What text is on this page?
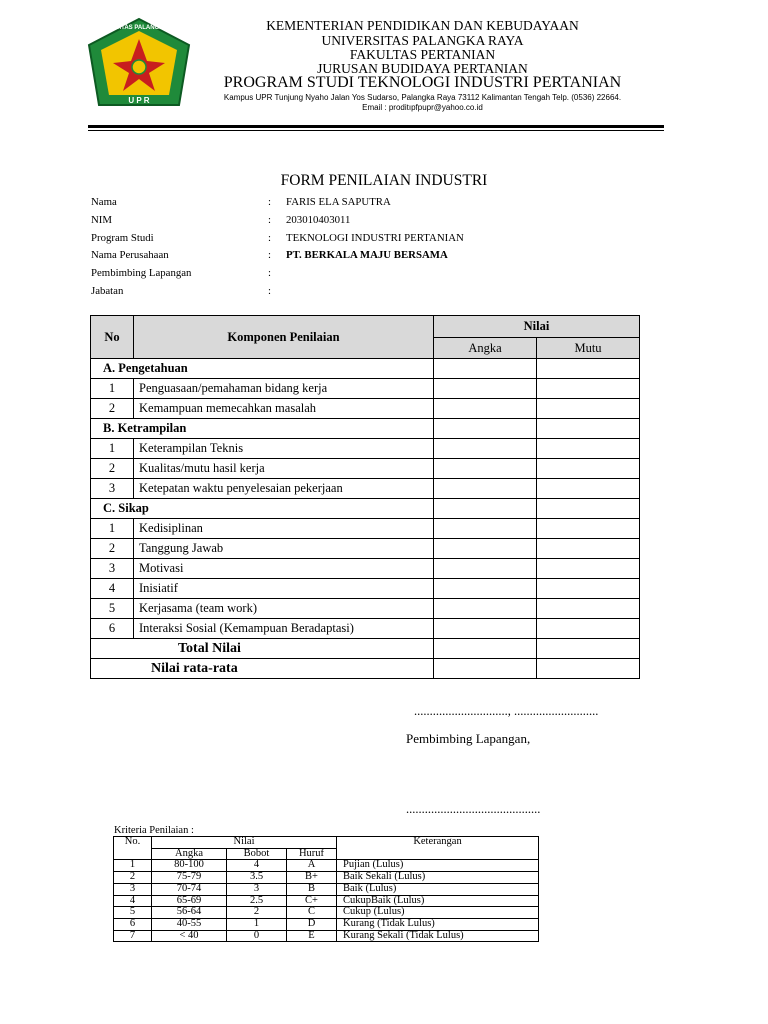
UNIVERSITAS PALANGKA RAYA
U P R
KEMENTERIAN PENDIDIKAN DAN KEBUDAYAAN
UNIVERSITAS PALANGKA RAYA
FAKULTAS PERTANIAN
JURUSAN BUDIDAYA PERTANIAN
PROGRAM STUDI TEKNOLOGI INDUSTRI PERTANIAN
Kampus UPR Tunjung Nyaho Jalan Yos Sudarso, Palangka Raya 73112 Kalimantan Tengah Telp. (0536) 22664.
Email : proditıpfpupr@yahoo.co.id
FORM PENILAIAN INDUSTRI
Nama	: FARIS ELA SAPUTRA
NIM	: 203010403011
Program Studi	: TEKNOLOGI INDUSTRI PERTANIAN
Nama Perusahaan	: PT. BERKALA MAJU BERSAMA
Pembimbing Lapangan	:
Jabatan	:
No	Komponen Penilaian	Nilai	
		Angka	Mutu
A. Pengetahuan			
1	Penguasaan/pemahaman bidang kerja		
2	Kemampuan memecahkan masalah		
B. Ketrampilan			
1	Keterampilan Teknis		
2	Kualitas/mutu hasil kerja		
3	Ketepatan waktu penyelesaian pekerjaan		
C. Sikap			
1	Kedisiplinan		
2	Tanggung Jawab		
3	Motivasi		
4	Inisiatif		
5	Kerjasama (team work)		
6	Interaksi Sosial (Kemampuan Beradaptasi)		
Total Nilai			
Nilai rata-rata			
.............................., ...........................
Pembimbing Lapangan,
...........................................
Kriteria Penilaian :
No.	Nilai			Keterangan
	Angka	Bobot	Huruf	
1	80-100	4	A	Pujian (Lulus)
2	75-79	3.5	B+	Baik Sekali (Lulus)
3	70-74	3	B	Baik (Lulus)
4	65-69	2.5	C+	CukupBaik (Lulus)
5	56-64	2	C	Cukup (Lulus)
6	40-55	1	D	Kurang (Tidak Lulus)
7	< 40	0	E	Kurang Sekali (Tidak Lulus)
